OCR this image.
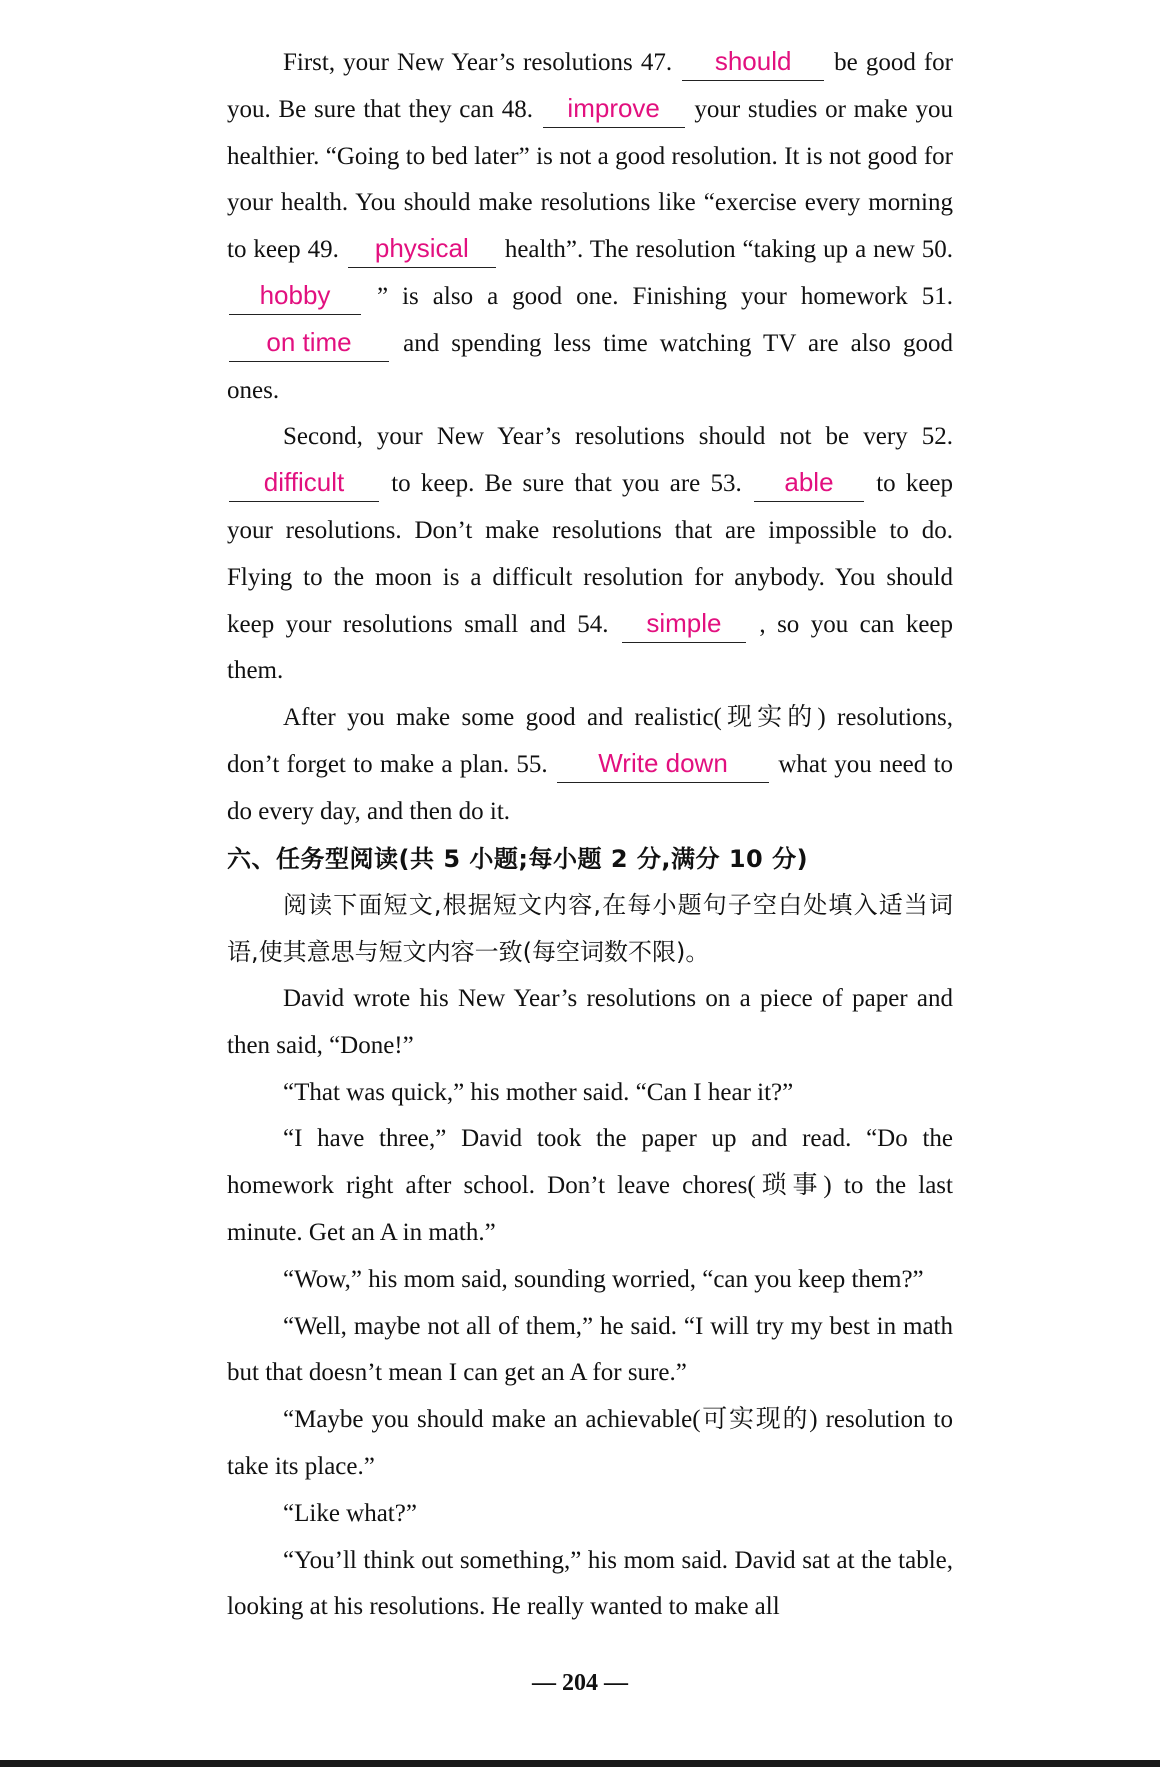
First, your New Year’s resolutions 47. should be good for you. Be sure that they can 48. improve your studies or make you healthier. “Going to bed later” is not a good resolution. It is not good for your health. You should make resolutions like “exercise every morning to keep 49. physical health”. The resolution “taking up a new 50. hobby ” is also a good one. Finishing your homework 51. on time and spending less time watching TV are also good ones.

Second, your New Year’s resolutions should not be very 52. difficult to keep. Be sure that you are 53. able to keep your resolutions. Don’t make resolutions that are impossible to do. Flying to the moon is a difficult resolution for anybody. You should keep your resolutions small and 54. simple , so you can keep them.

After you make some good and realistic(现实的) resolutions, don’t forget to make a plan. 55. Write down what you need to do every day, and then do it.

六、任务型阅读(共 5 小题;每小题 2 分,满分 10 分)

阅读下面短文,根据短文内容,在每小题句子空白处填入适当词语,使其意思与短文内容一致(每空词数不限)。

David wrote his New Year’s resolutions on a piece of paper and then said, “Done!”

“That was quick,” his mother said. “Can I hear it?”

“I have three,” David took the paper up and read. “Do the homework right after school. Don’t leave chores(琐事) to the last minute. Get an A in math.”

“Wow,” his mom said, sounding worried, “can you keep them?”

“Well, maybe not all of them,” he said. “I will try my best in math but that doesn’t mean I can get an A for sure.”

“Maybe you should make an achievable(可实现的) resolution to take its place.”

“Like what?”

“You’ll think out something,” his mom said. David sat at the table, looking at his resolutions. He really wanted to make all

— 204 —
